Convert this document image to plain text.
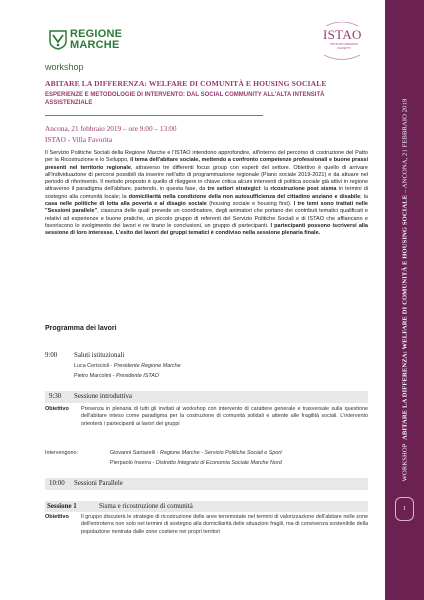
REGIONE
MARCHE
ISTAO
ISTITUTO ADRIANO OLIVETTI
workshop
ABITARE LA DIFFERENZA: WELFARE DI COMUNITÀ E HOUSING SOCIALE
ESPERIENZE E METODOLOGIE DI INTERVENTO: DAL SOCIAL COMMUNITY ALL'ALTA INTENSITÀ ASSISTENZIALE
Ancona, 21 febbraio 2019 – ore 9:00 – 13:00
ISTAO - Villa Favorita
Il Servizio Politiche Sociali della Regione Marche e l'ISTAO intendono approfondire, all'interno del percorso di costruzione del Patto per la Ricostruzione e lo Sviluppo, il tema dell'abitare sociale, mettendo a confronto competenze professionali e buone prassi presenti nel territorio regionale, attraverso tre differenti focus group con esperti del settore. Obiettivo è quello di arrivare all'individuazione di percorsi possibili da inserire nell'atto di programmazione regionale (Piano sociale 2019-2021) e da attuare nel periodo di riferimento. Il metodo proposto è quello di rileggere in chiave critica alcuni interventi di politica sociale già attivi in regione attraverso il paradigma dell'abitare, partendo, in questa fase, da tre settori strategici: la ricostruzione post sisma in termini di sostegno alla comunità locale; la domiciliarità nella condizione della non autosufficienza del cittadino anziano e disabile; la casa nelle politiche di lotta alla povertà e al disagio sociale (housing sociale e housing first). I tre temi sono trattati nelle "Sessioni parallele", ciascuna delle quali prevede un coordinatore, degli animatori che portano dei contributi tematici qualificati e relativi ad esperienze e buone pratiche, un piccolo gruppo di referenti del Servizio Politiche Sociali e di ISTAO che affiancano e favoriscono lo svolgimento dei lavori e ne tirano le conclusioni, un gruppo di partecipanti. I partecipanti possono iscriversi alla sessione di loro interesse. L'esito dei lavori dei gruppi tematici è condiviso nella sessione plenaria finale.
Programma dei lavori
9:00 Saluti istituzionali
Luca Ceriscioli - Presidente Regione Marche
Pietro Marcolini - Presidente ISTAO
9:30 Sessione introduttiva
Obiettivo Presenza in plenaria di tutti gli invitati al workshop con intervento di carattere generale e trasversale sulla questione dell'abitare inteso come paradigma per la costruzione di comunità solidali e attente alle fragilità sociali. L'intervento orienterà i partecipanti ai lavori dei gruppi
Intervengono:	Giovanni Santarelli - Regione Marche - Servizio Politiche Sociali e Sport
Pierpaolo Inserra - Distretto Integrato di Economia Sociale Marche Nord
10:00 Sessioni Parallele
Sessione 1	Sisma e ricostruzione di comunità
Obiettivo Il gruppo discuterà le strategie di ricostruzione delle aree terremotate nel termini di valorizzazione dell'abitare nelle zone dell'entroterra non solo nel termini di sostegno alla domiciliarità delle situazioni fragili, ma di convivenza sostenibile della popolazione rientrata dalle zone costiere nei propri territori
WORKSHOP  ABITARE LA DIFFERENZA: WELFARE DI COMUNITÀ E HOUSING SOCIALE – ANCONA, 21 FEBBRAIO 2019
1
